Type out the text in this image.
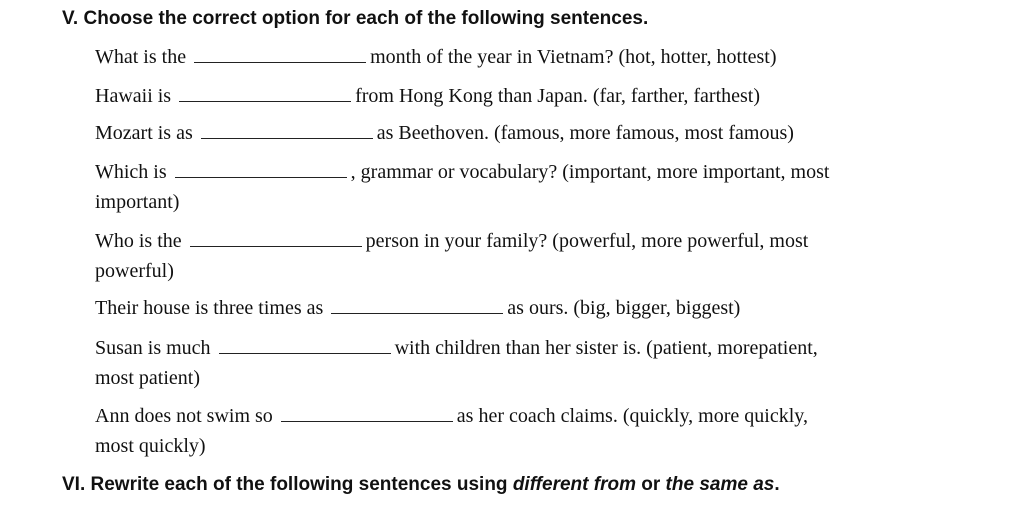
V. Choose the correct option for each of the following sentences.
What is the	month of the year in Vietnam? (hot, hotter, hottest)
Hawaii is	from Hong Kong than Japan. (far, farther, farthest)
Mozart is as	as Beethoven. (famous, more famous, most famous)
Which is	, grammar or vocabulary? (important, more important, most
important)
Who is the	person in your family? (powerful, more powerful, most
powerful)
Their house is three times as	as ours. (big, bigger, biggest)
Susan is much	with children than her sister is. (patient, morepatient,
most patient)
Ann does not swim so	as her coach claims. (quickly, more quickly,
most quickly)
VI. Rewrite each of the following sentences using different from or the same as.
